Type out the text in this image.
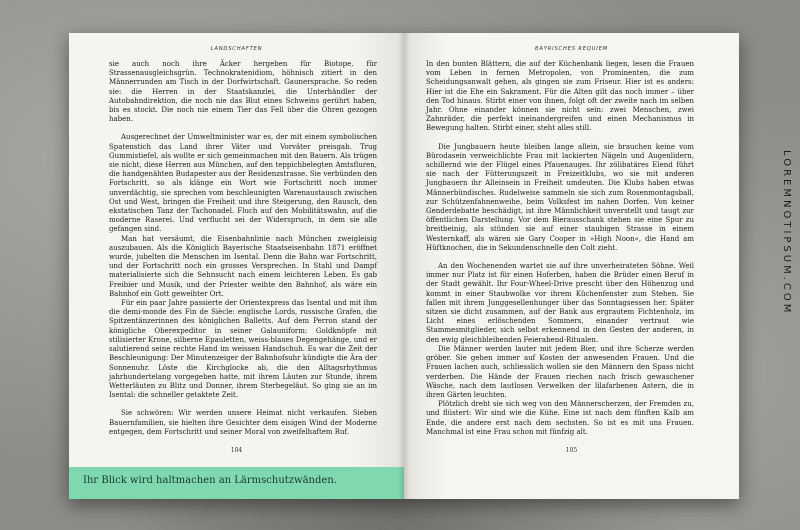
LOREMNOTIPSUM.COM
LANDSCHAFTEN

sie auch noch ihre Äcker hergeben für Biotope, für Strassenausgleichsgrün. Technokratenidiom, höhnisch zitiert in den Männerrunden am Tisch in der Dorfwirtschaft. Gaunersprache. So reden sie: die Herren in der Staatskanzlei, die Unterhändler der Autobahndirektion, die noch nie das Blut eines Schweins gerührt haben, bis es stockt. Die noch nie einem Tier das Fell über die Ohren gezogen haben.

Ausgerechnet der Umweltminister war es, der mit einem symbolischen Spatenstich das Land ihrer Väter und Vorväter preisgab. Trug Gummistiefel, als wollte er sich gemeinmachen mit den Bauern. Als trügen sie nicht, diese Herren aus München, auf den teppichbelegten Amtsfluren, die handgenähten Budapester aus der Residenzstrasse. Sie verbünden den Fortschritt, so als klänge ein Wort wie Fortschritt noch immer unverdächtig, sie sprechen vom beschleunigten Warenaustausch zwischen Ost und West, bringen die Freiheit und ihre Steigerung, den Rausch, den ekstatischen Tanz der Tachonadel. Fluch auf den Mobilitätswahn, auf die moderne Raserei. Und verflucht sei der Widerspruch, in dem sie alle gefangen sind.

Man hat versäumt, die Eisenbahnlinie nach München zweigleisig auszubauen. Als die Königlich Bayerische Staatseisenbahn 1871 eröffnet wurde, jubelten die Menschen im Isental. Denn die Bahn war Fortschritt, und der Fortschritt noch ein grosses Versprechen. In Stahl und Dampf materialisierte sich die Sehnsucht nach einem leichteren Leben. Es gab Freibier und Musik, und der Priester weihte den Bahnhof, als wäre ein Bahnhof ein Gott geweihter Ort.

Für ein paar Jahre passierte der Orientexpress das Isental und mit ihm die demi-monde des Fin de Siècle: englische Lords, russische Grafen, die Spitzentänzerinnen des königlichen Balletts. Auf dem Perron stand der königliche Oberexpeditor in seiner Galauniform: Goldknöpfe mit stilisierter Krone, silberne Epauletten, weiss-blaues Degengehänge, und er salutierend seine rechte Hand im weissen Handschuh. Es war die Zeit der Beschleunigung: Der Minutenzeiger der Bahnhofsuhr kündigte die Ära der Sonnenuhr. Löste die Kirchglocke ab, die den Alltagsrhythmus jahrhundertelang vorgegeben hatte, mit ihrem Läuten zur Stunde, ihrem Wetterläuten zu Blitz und Donner, ihrem Sterbegeläut. So ging sie an im Isental: die schneller getaktete Zeit.

Sie schwören: Wir werden unsere Heimat nicht verkaufen. Sieben Bauernfamilien, sie hielten ihre Gesichter dem eisigen Wind der Moderne entgegen, dem Fortschritt und seiner Moral von zweifelhaftem Ruf.

104
Ihr Blick wird haltmachen an Lärmschutzwänden.
BAYRISCHES REQUIEM

In den bunten Blättern, die auf der Küchenbank liegen, lesen die Frauen vom Leben in fernen Metropolen, von Prominenten, die zum Scheidungsanwalt gehen, als gingen sie zum Friseur. Hier ist es anders: Hier ist die Ehe ein Sakrament. Für die Alten gilt das noch immer – über den Tod hinaus. Stirbt einer von ihnen, folgt oft der zweite nach im selben Jahr. Ohne einander können sie nicht sein: zwei Menschen, zwei Zahnräder, die perfekt ineinandergreifen und einen Mechanismus in Bewegung halten. Stirbt einer, steht alles still.

Die Jungbauern heute bleiben lange allein, sie brauchen keine vom Bürodasein verweichlichte Frau mit lackierten Nägeln und Augenlidern, schillernd wie der Flügel eines Pfauenauges. Ihr zölibatäres Elend führt sie nach der Fütterungszeit in Freizeitklubs, wo sie mit anderen Jungbauern ihr Alleinsein in Freiheit umdeuten. Die Klubs haben etwas Männerbündisches. Rudelweise sammeln sie sich zum Rosenmontagsball, zur Schützenfahnenweihe, beim Volksfest im nahen Dorfen. Von keiner Genderdebatte beschädigt, ist ihre Männlichkeit unverstellt und taugt zur öffentlichen Darstellung. Vor dem Bierausschank stehen sie eine Spur zu breitbeinig, als stünden sie auf einer staubigen Strasse in einem Westernkaff, als wären sie Gary Cooper in »High Noon«, die Hand am Hüftknochen, die in Sekundenschnelle den Colt zieht.

An den Wochenenden wartet sie auf ihre unverheirateten Söhne. Weil immer nur Platz ist für einen Hoferben, haben die Brüder einen Beruf in der Stadt gewählt. Ihr Four-Wheel-Drive prescht über den Höhenzug und kommt in einer Staubwolke vor ihrem Küchenfenster zum Stehen. Sie fallen mit ihrem Junggesellenhunger über das Sonntagsessen her. Später sitzen sie dicht zusammen, auf der Bank aus ergrautem Fichtenholz, im Licht eines erlöschenden Sommers, einander vertraut wie Stammesmitglieder, sich selbst erkennend in den Gesten der anderen, in den ewig gleichbleibenden Feierabend-Ritualen.

Die Männer werden lauter mit jedem Bier, und ihre Scherze werden gröber. Sie gehen immer auf Kosten der anwesenden Frauen. Und die Frauen lachen auch, schliesslich wollen sie den Männern den Spass nicht verderben. Die Hände der Frauen riechen nach frisch gewaschener Wäsche, nach dem lautlosen Verwelken der lilafarbenen Astern, die in ihren Gärten leuchten.

Plötzlich dreht sie sich weg von den Männerscherzen, der Fremden zu, und flüstert: Wir sind wie die Kühe. Eine ist nach dem fünften Kalb am Ende, die andere erst nach dem sechsten. So ist es mit uns Frauen. Manchmal ist eine Frau schon mit fünfzig alt.

105
